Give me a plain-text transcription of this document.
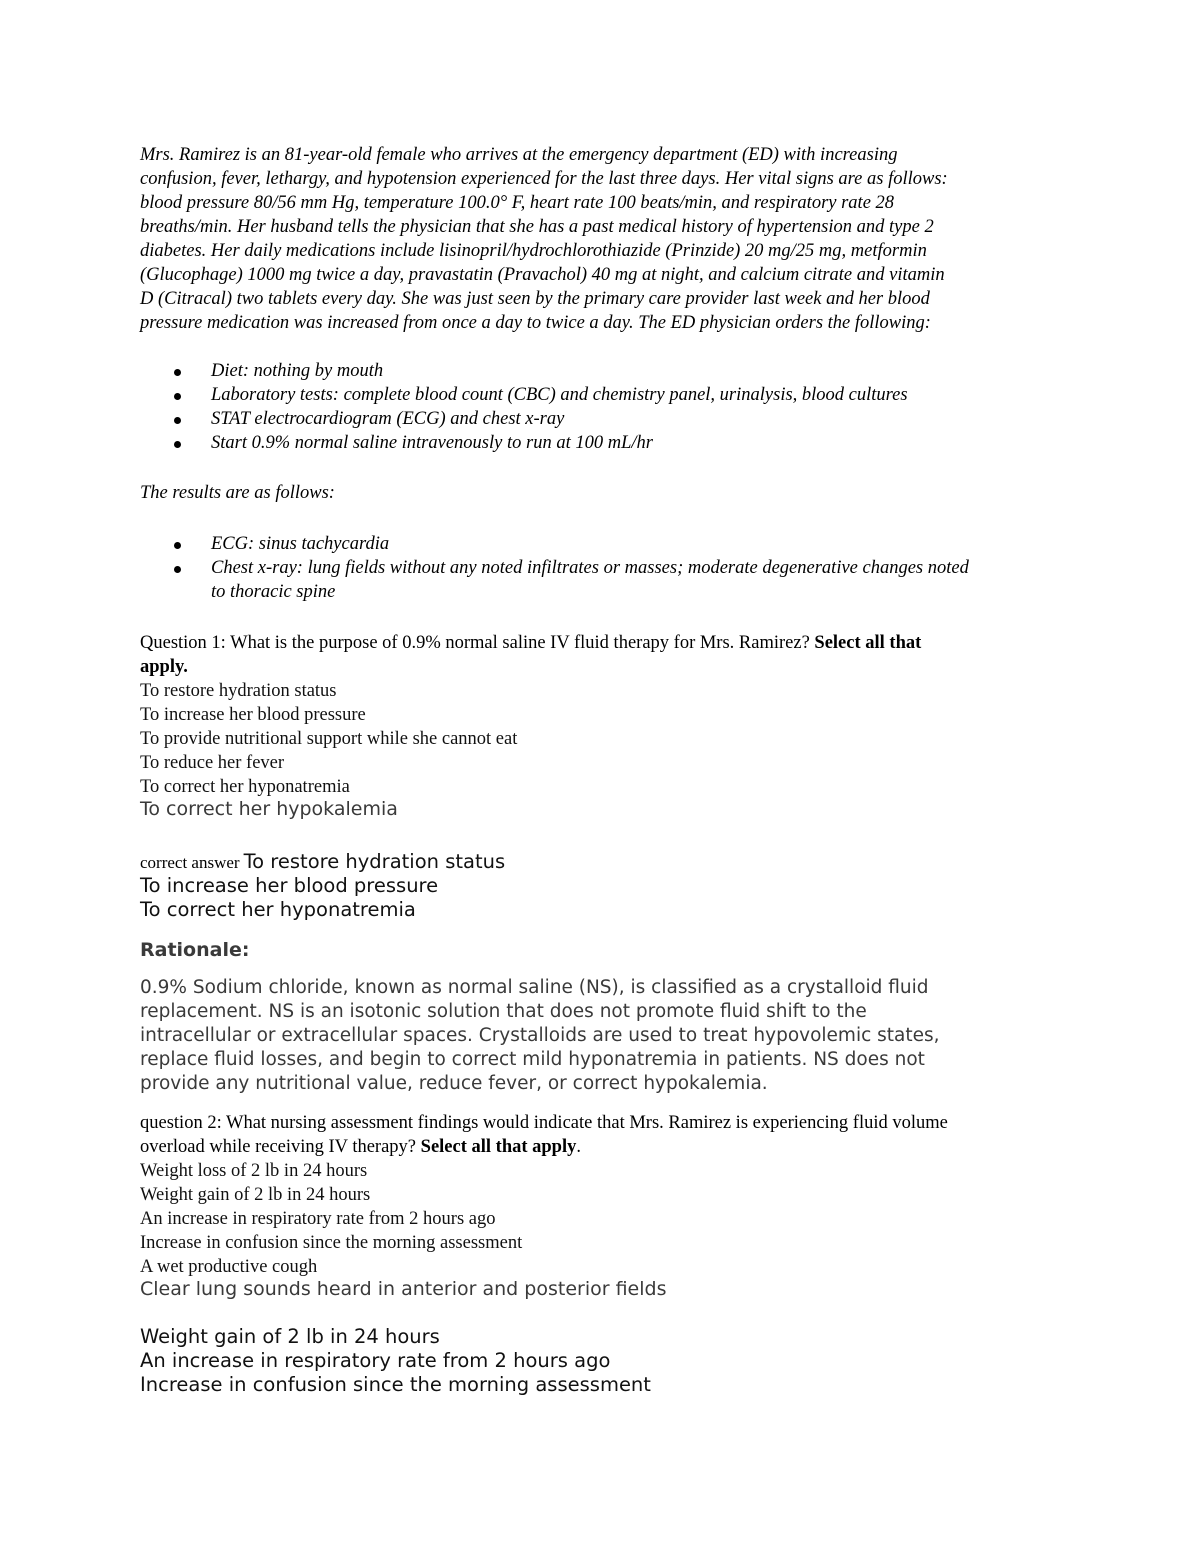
Mrs. Ramirez is an 81-year-old female who arrives at the emergency department (ED) with increasing
confusion, fever, lethargy, and hypotension experienced for the last three days. Her vital signs are as follows:
blood pressure 80/56 mm Hg, temperature 100.0° F, heart rate 100 beats/min, and respiratory rate 28
breaths/min. Her husband tells the physician that she has a past medical history of hypertension and type 2
diabetes. Her daily medications include lisinopril/hydrochlorothiazide (Prinzide) 20 mg/25 mg, metformin
(Glucophage) 1000 mg twice a day, pravastatin (Pravachol) 40 mg at night, and calcium citrate and vitamin
D (Citracal) two tablets every day. She was just seen by the primary care provider last week and her blood
pressure medication was increased from once a day to twice a day. The ED physician orders the following:
Diet: nothing by mouth
Laboratory tests: complete blood count (CBC) and chemistry panel, urinalysis, blood cultures
STAT electrocardiogram (ECG) and chest x-ray
Start 0.9% normal saline intravenously to run at 100 mL/hr

The results are as follows:

ECG: sinus tachycardia
Chest x-ray: lung fields without any noted infiltrates or masses; moderate degenerative changes noted
to thoracic spine
Question 1: What is the purpose of 0.9% normal saline IV fluid therapy for Mrs. Ramirez? Select all that
apply.
To restore hydration status
To increase her blood pressure
To provide nutritional support while she cannot eat
To reduce her fever
To correct her hyponatremia

To correct her hypokalemia

correct answer To restore hydration status
To increase her blood pressure
To correct her hyponatremia

Rationale:

0.9% Sodium chloride, known as normal saline (NS), is classified as a crystalloid fluid
replacement. NS is an isotonic solution that does not promote fluid shift to the
intracellular or extracellular spaces. Crystalloids are used to treat hypovolemic states,
replace fluid losses, and begin to correct mild hyponatremia in patients. NS does not
provide any nutritional value, reduce fever, or correct hypokalemia.
question 2: What nursing assessment findings would indicate that Mrs. Ramirez is experiencing fluid volume
overload while receiving IV therapy? Select all that apply.
Weight loss of 2 lb in 24 hours
Weight gain of 2 lb in 24 hours
An increase in respiratory rate from 2 hours ago
Increase in confusion since the morning assessment
A wet productive cough

Clear lung sounds heard in anterior and posterior fields

Weight gain of 2 lb in 24 hours
An increase in respiratory rate from 2 hours ago
Increase in confusion since the morning assessment
